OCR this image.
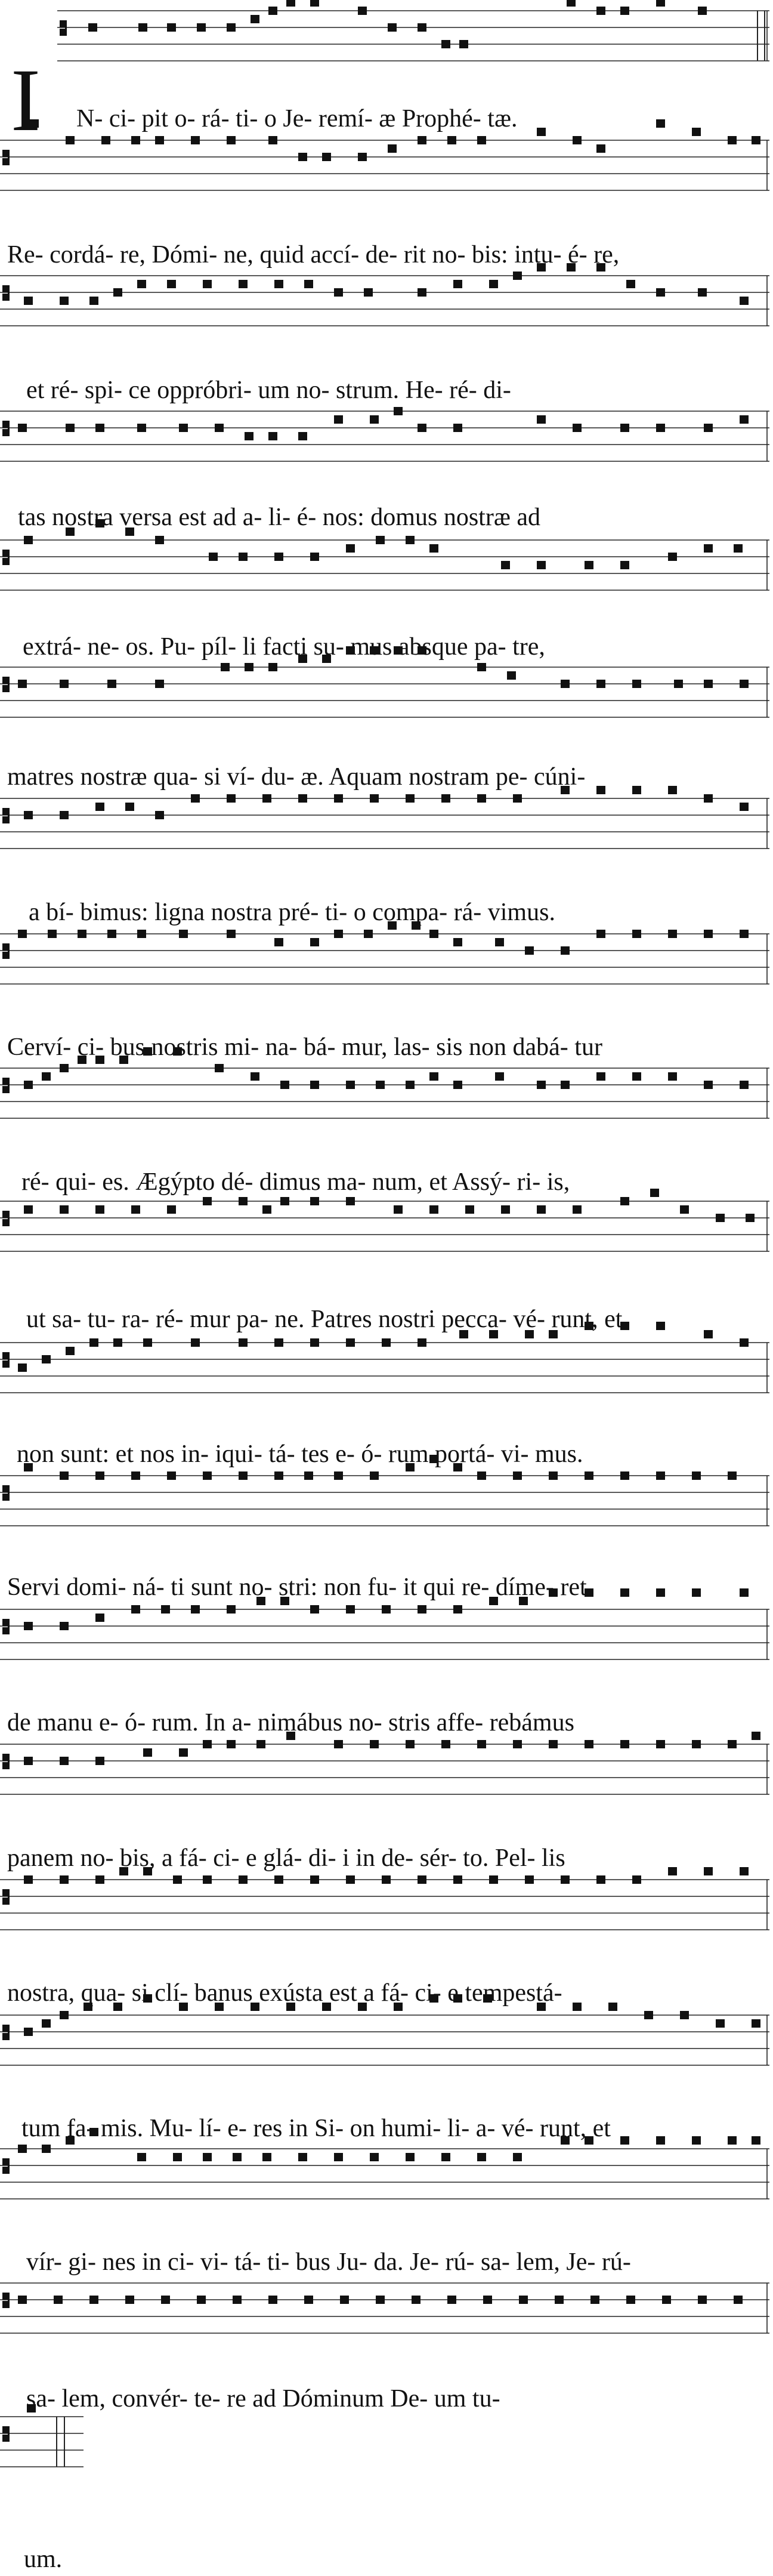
N- ci- pit o- rá- ti- o Je- remí- æ Prophé- tæ.
Re- cordá- re, Dómi- ne, quid accí- de- rit no- bis: intu- é- re,
et ré- spi- ce oppróbri- um no- strum. He- ré- di-
tas nostra versa est ad a- li- é- nos: domus nostræ ad
extrá- ne- os. Pu- píl- li facti su- mus absque pa- tre,
matres nostræ qua- si ví- du- æ. Aquam nostram pe- cúni-
a bí- bimus: ligna nostra pré- ti- o compa- rá- vimus.
Cerví- ci- bus nostris mi- na- bá- mur, las- sis non dabá- tur
ré- qui- es. Ægýpto dé- dimus ma- num, et Assý- ri- is,
ut sa- tu- ra- ré- mur pa- ne. Patres nostri pecca- vé- runt, et
non sunt: et nos in- iqui- tá- tes e- ó- rum portá- vi- mus.
Servi domi- ná- ti sunt no- stri: non fu- it qui re- díme- ret
de manu e- ó- rum. In a- nimábus no- stris affe- rebámus
panem no- bis, a fá- ci- e glá- di- i in de- sér- to. Pel- lis
nostra, qua- si clí- banus exústa est a fá- ci- e tempestá-
tum fa- mis. Mu- lí- e- res in Si- on humi- li- a- vé- runt, et
vír- gi- nes in ci- vi- tá- ti- bus Ju- da. Je- rú- sa- lem, Je- rú-
sa- lem, convér- te- re ad Dóminum De- um tu-
um.
I
